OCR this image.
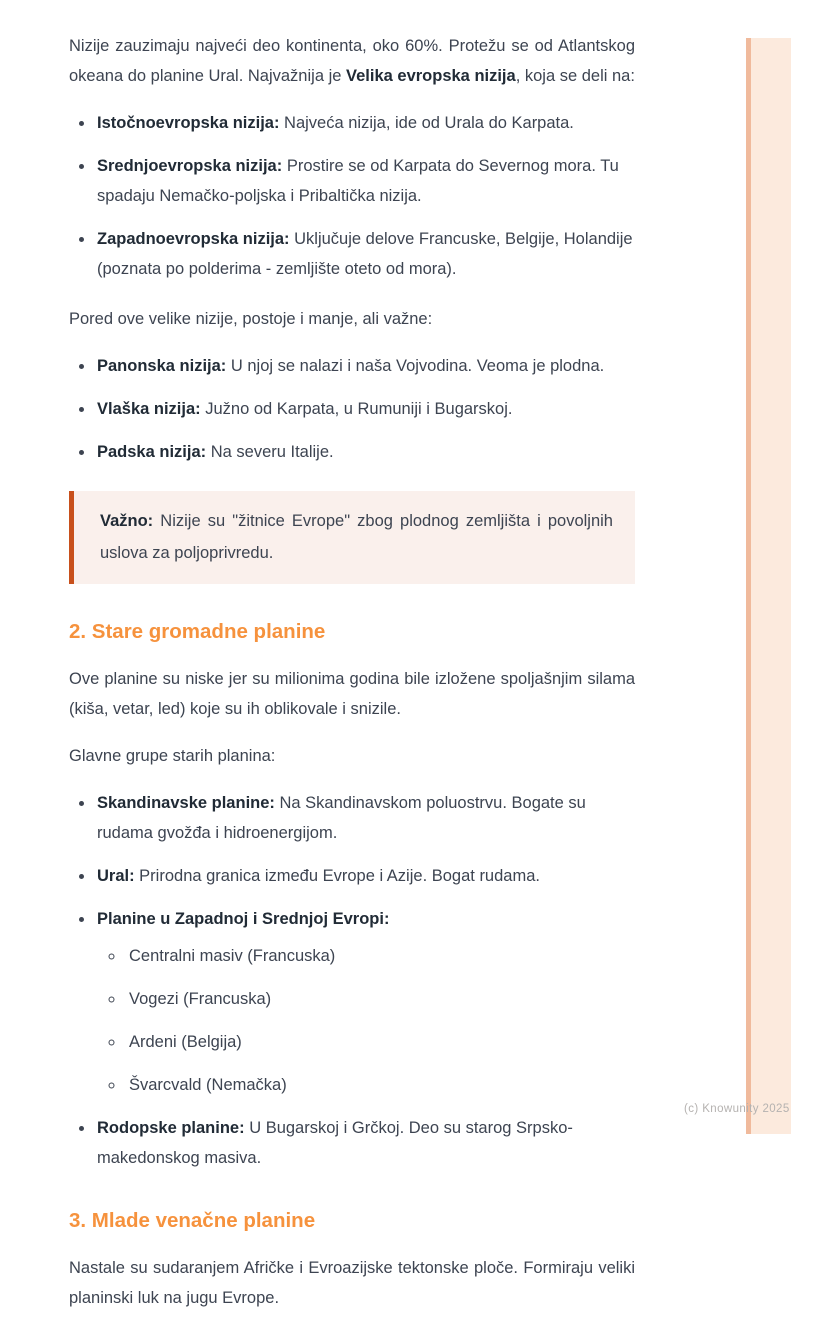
Nizije zauzimaju najveći deo kontinenta, oko 60%. Protežu se od Atlantskog okeana do planine Ural. Najvažnija je Velika evropska nizija, koja se deli na:

• Istočnoevropska nizija: Najveća nizija, ide od Urala do Karpata.
• Srednjoevropska nizija: Prostire se od Karpata do Severnog mora. Tu spadaju Nemačko-poljska i Pribaltička nizija.
• Zapadnoevropska nizija: Uključuje delove Francuske, Belgije, Holandije (poznata po polderima - zemljište oteto od mora).

Pored ove velike nizije, postoje i manje, ali važne:

• Panonska nizija: U njoj se nalazi i naša Vojvodina. Veoma je plodna.
• Vlaška nizija: Južno od Karpata, u Rumuniji i Bugarskoj.
• Padska nizija: Na severu Italije.
Važno: Nizije su "žitnice Evrope" zbog plodnog zemljišta i povoljnih uslova za poljoprivredu.
2. Stare gromadne planine

Ove planine su niske jer su milionima godina bile izložene spoljašnjim silama (kiša, vetar, led) koje su ih oblikovale i snizile.

Glavne grupe starih planina:

• Skandinavske planine: Na Skandinavskom poluostrvu. Bogate su rudama gvožđa i hidroenergijom.
• Ural: Prirodna granica između Evrope i Azije. Bogat rudama.
• Planine u Zapadnoj i Srednjoj Evropi:
◦ Centralni masiv (Francuska)
◦ Vogezi (Francuska)
◦ Ardeni (Belgija)
◦ Švarcvald (Nemačka)
• Rodopske planine: U Bugarskoj i Grčkoj. Deo su starog Srpsko-makedonskog masiva.
3. Mlade venačne planine

Nastale su sudaranjem Afričke i Evroazijske tektonske ploče. Formiraju veliki planinski luk na jugu Evrope.

(c) Knowunity 2025
